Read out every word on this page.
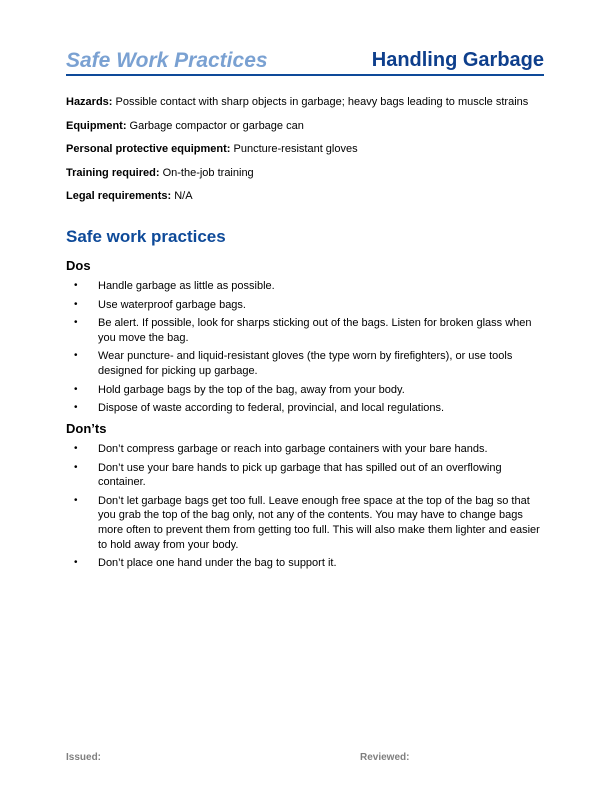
Safe Work Practices	Handling Garbage
Hazards: Possible contact with sharp objects in garbage; heavy bags leading to muscle strains
Equipment: Garbage compactor or garbage can
Personal protective equipment: Puncture-resistant gloves
Training required: On-the-job training
Legal requirements: N/A
Safe work practices
Dos
• Handle garbage as little as possible.
• Use waterproof garbage bags.
• Be alert. If possible, look for sharps sticking out of the bags. Listen for broken glass when you move the bag.
• Wear puncture- and liquid-resistant gloves (the type worn by firefighters), or use tools designed for picking up garbage.
• Hold garbage bags by the top of the bag, away from your body.
• Dispose of waste according to federal, provincial, and local regulations.
Don’ts
• Don’t compress garbage or reach into garbage containers with your bare hands.
• Don’t use your bare hands to pick up garbage that has spilled out of an overflowing container.
• Don’t let garbage bags get too full. Leave enough free space at the top of the bag so that you grab the top of the bag only, not any of the contents. You may have to change bags more often to prevent them from getting too full. This will also make them lighter and easier to hold away from your body.
• Don’t place one hand under the bag to support it.
Issued:	Reviewed:
